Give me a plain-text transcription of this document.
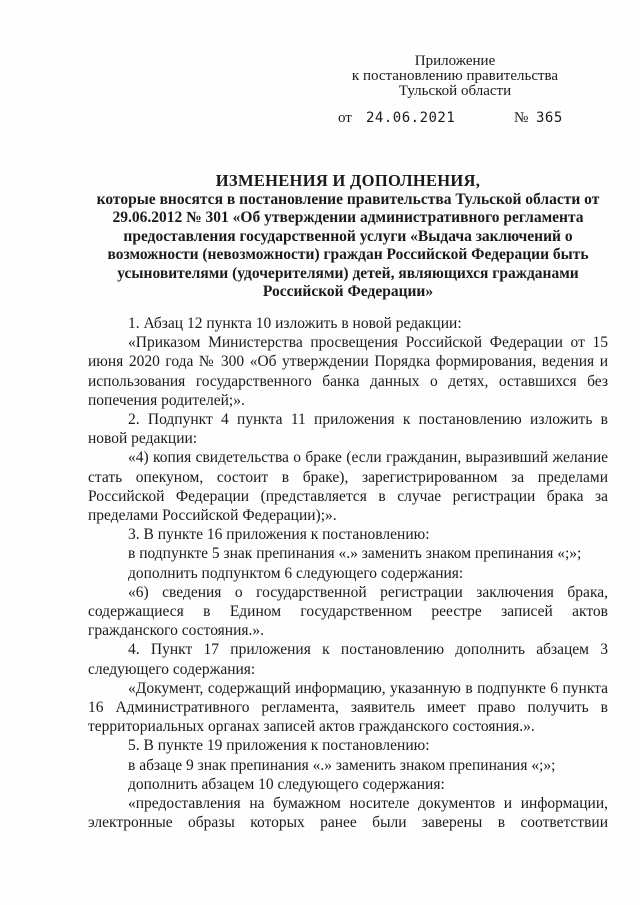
Приложение
к постановлению правительства
Тульской области
от 24.06.2021	№ 365
ИЗМЕНЕНИЯ И ДОПОЛНЕНИЯ,
которые вносятся в постановление правительства Тульской области от 29.06.2012 № 301 «Об утверждении административного регламента предоставления государственной услуги «Выдача заключений о возможности (невозможности) граждан Российской Федерации быть усыновителями (удочерителями) детей, являющихся гражданами Российской Федерации»

1. Абзац 12 пункта 10 изложить в новой редакции:

«Приказом Министерства просвещения Российской Федерации от 15 июня 2020 года № 300 «Об утверждении Порядка формирования, ведения и использования государственного банка данных о детях, оставшихся без попечения родителей;».

2. Подпункт 4 пункта 11 приложения к постановлению изложить в новой редакции:

«4) копия свидетельства о браке (если гражданин, выразивший желание стать опекуном, состоит в браке), зарегистрированном за пределами Российской Федерации (представляется в случае регистрации брака за пределами Российской Федерации);».

3. В пункте 16 приложения к постановлению:

в подпункте 5 знак препинания «.» заменить знаком препинания «;»;

дополнить подпунктом 6 следующего содержания:

«6) сведения о государственной регистрации заключения брака, содержащиеся в Едином государственном реестре записей актов гражданского состояния.».

4. Пункт 17 приложения к постановлению дополнить абзацем 3 следующего содержания:

«Документ, содержащий информацию, указанную в подпункте 6 пункта 16 Административного регламента, заявитель имеет право получить в территориальных органах записей актов гражданского состояния.».

5. В пункте 19 приложения к постановлению:

в абзаце 9 знак препинания «.» заменить знаком препинания «;»;

дополнить абзацем 10 следующего содержания:

«предоставления на бумажном носителе документов и информации, электронные образы которых ранее были заверены в соответствии
